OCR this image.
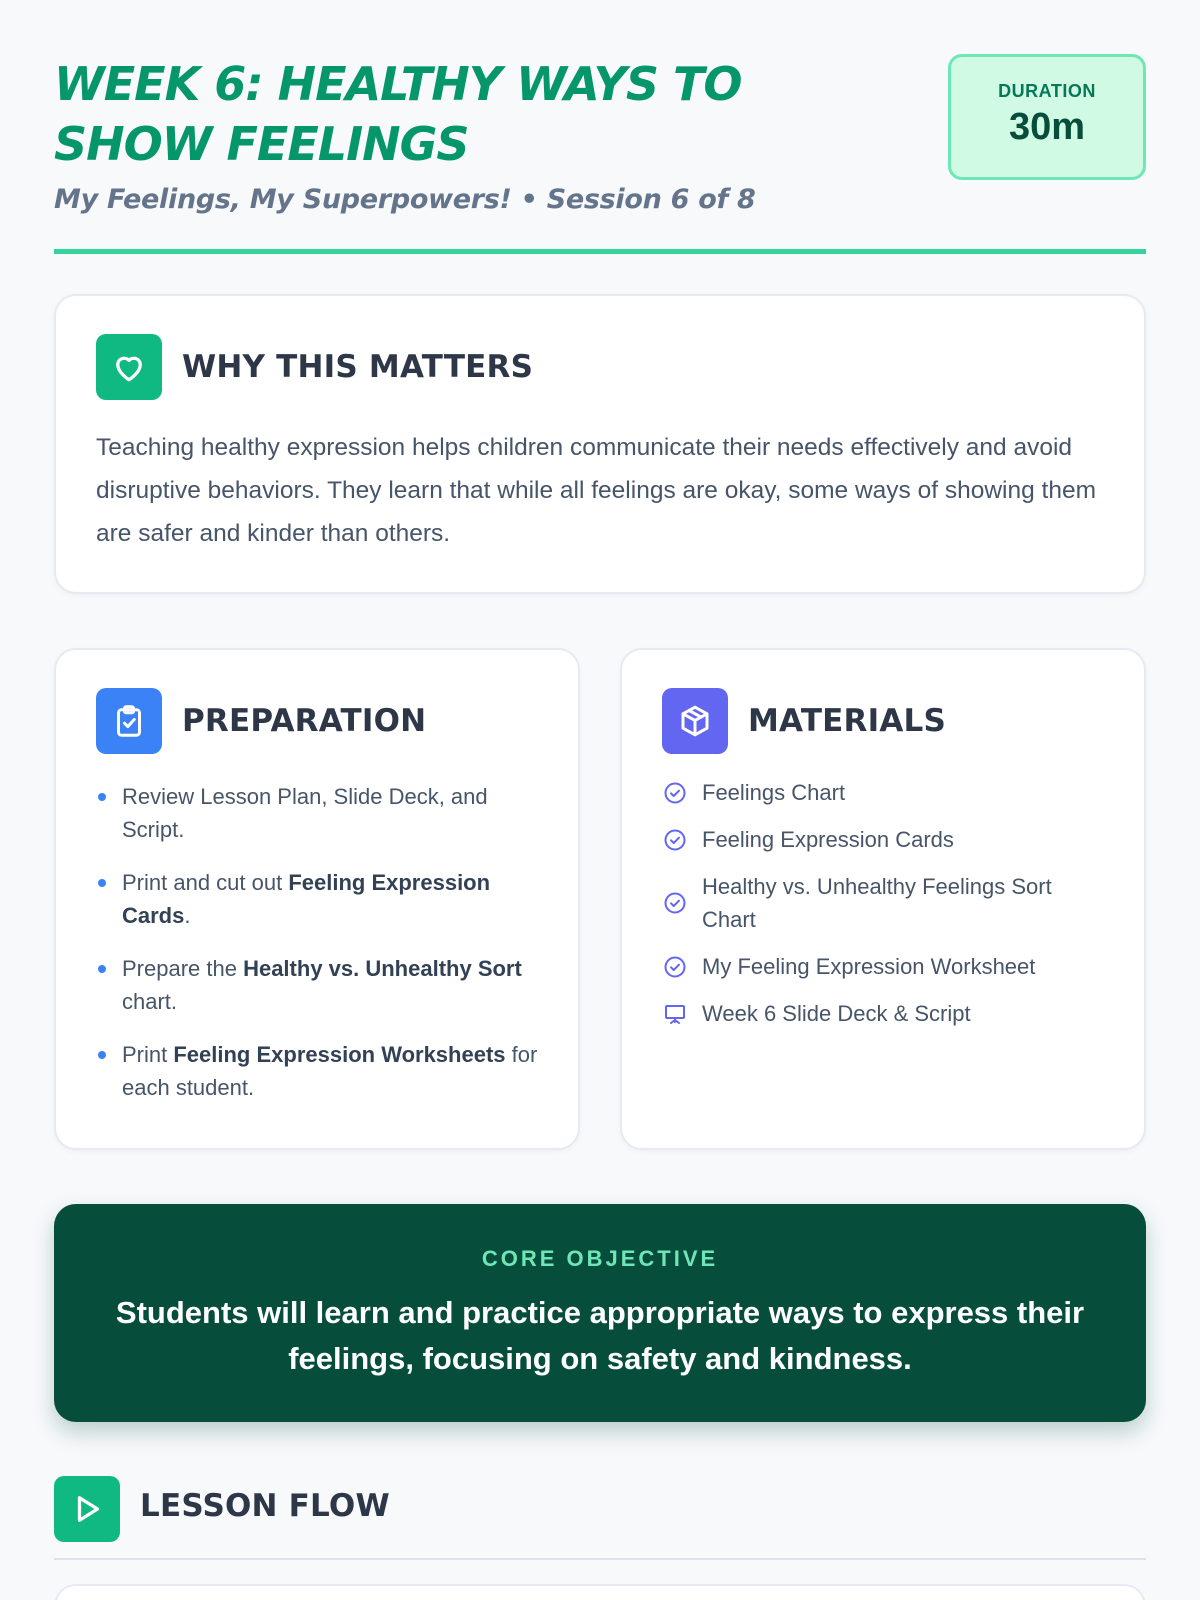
WEEK 6: HEALTHY WAYS TO SHOW FEELINGS
My Feelings, My Superpowers! • Session 6 of 8
DURATION
30m
WHY THIS MATTERS

Teaching healthy expression helps children communicate their needs effectively and avoid disruptive behaviors. They learn that while all feelings are okay, some ways of showing them are safer and kinder than others.

PREPARATION
Review Lesson Plan, Slide Deck, and Script.
Print and cut out Feeling Expression Cards.
Prepare the Healthy vs. Unhealthy Sort chart.
Print Feeling Expression Worksheets for each student.
MATERIALS
Feelings Chart
Feeling Expression Cards
Healthy vs. Unhealthy Feelings Sort Chart
My Feeling Expression Worksheet
Week 6 Slide Deck & Script
CORE OBJECTIVE
Students will learn and practice appropriate ways to express their feelings, focusing on safety and kindness.
LESSON FLOW
